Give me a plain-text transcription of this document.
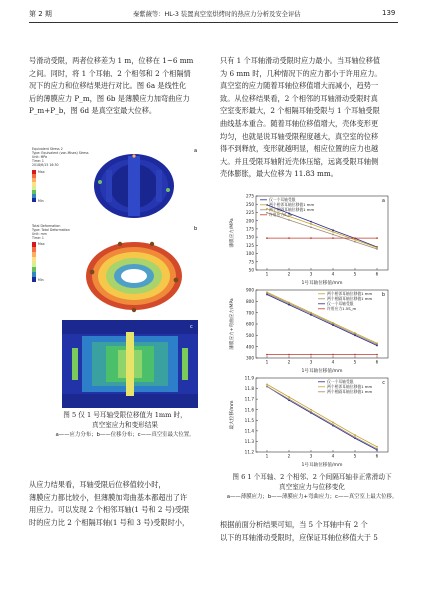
第 2 期	秦紫薇等：HL-3 装置真空室烘烤时的热应力分析及安全评估	139
号滑动受限，两者位移差为 1 m，位移在 1~6 mm
之间。同时，将 1 个耳轴、2 个相邻和 2 个相隔情
况下的应力和位移结果进行对比。图 6a 是线性化
后的薄膜应力 P_m，图 6b 是薄膜应力加弯曲应力
P_m+P_b，图 6d 是真空室最大位移。
只有 1 个耳轴滑动受限时应力最小。当耳轴位移值
为 6 mm 时，几种情况下的应力都小于许用应力。
真空室的应力随着耳轴位移值增大而减小，趋势一
致。从位移结果看，2 个相邻的耳轴滑动受限时真
空室变形最大，2 个相隔耳轴受限与 1 个耳轴受限
曲线基本重合。随着耳轴位移值增大，壳体变形更
均匀，也就是说耳轴受限程度越大，真空室的位移
得不到释放，变形就越明显，相应位置的应力也越
大。并且受限耳轴附近壳体压缩，远离受限耳轴侧
壳体膨胀，最大位移为 11.83 mm。
Equivalent Stress 2
Type: Equivalent (von-Mises) Stress
Unit: MPa
Time: 1
2018/6/15 16:30
Max
Min
a
Total Deformation
Type: Total Deformation
Unit: mm
Time: 1
Max
Min
b
c
图 5 仅 1 号耳轴受限位移值为 1mm 时，
真空室应力和变形结果
a——应力分布；b——位移分布；c——真空室最大位置。
从应力结果看，耳轴受限后位移值较小时，
薄膜应力都比较小，但薄膜加弯曲基本都超出了许
用应力。可以发现 2 个相邻耳轴(1 号和 2 号)受限
时的应力比 2 个相隔耳轴(1 号和 3 号)受限时小，
50
75
100
125
150
175
200
225
250
275
1	2	3	4	5	6
1号耳轴位移值/mm
薄膜应力/MPa
a
仅一个耳轴受限
两个相邻耳轴位移值1 mm
两个相隔耳轴位移值1 mm
许用应力S_m
300
400
500
600
700
800
900
1	2	3	4	5	6
1号耳轴位移值/mm
薄膜应力+弯曲应力/MPa
b
两个相邻耳轴位移值1 mm
两个相隔耳轴位移值1 mm
仅一个耳轴受限
许用应力1.5S_m
11.2
11.3
11.4
11.5
11.6
11.7
11.8
11.9
1	2	3	4	5	6
1号耳轴位移值/mm
最大位移/mm
c
仅一个耳轴受限
两个相邻耳轴位移值1 mm
两个相隔耳轴位移值1 mm
图 6 1 个耳轴、2 个相邻、2 个间隔耳轴非正常滑动下
真空室应力与位移变化
a——薄膜应力；b——薄膜应力+弯曲应力；c——真空室上最大位移。
根据前面分析结果可知，当 5 个耳轴中有 2 个
以下的耳轴滑动受限时，应保证耳轴位移值大于 5
